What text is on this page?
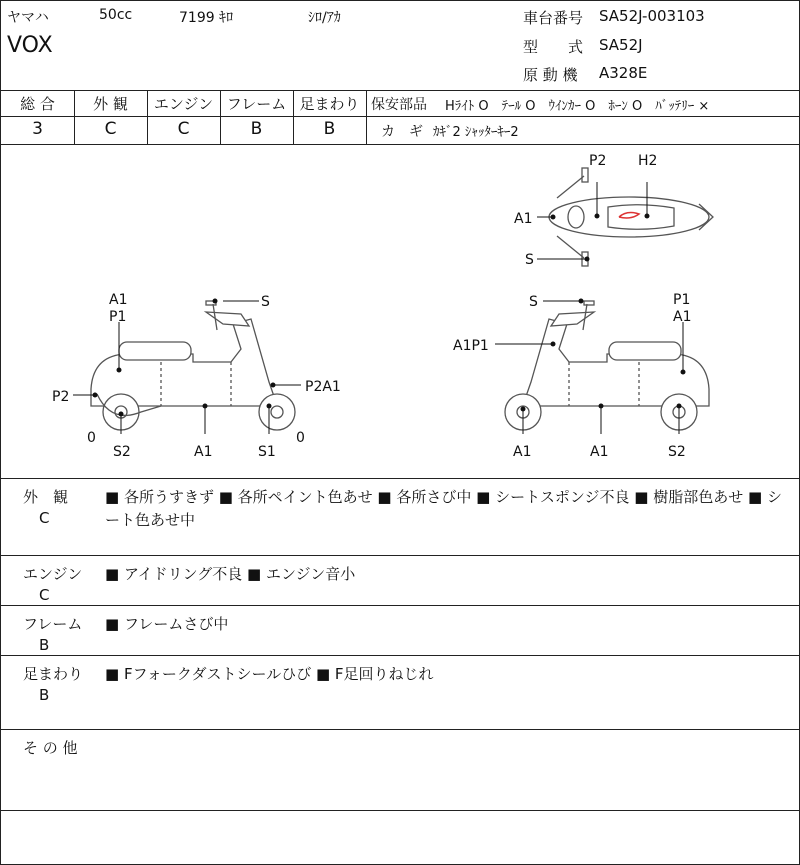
ヤマハ	50cc	7199 ｷﾛ	ｼﾛ/ｱｶ
VOX
車台番号 SA52J-003103
型　　式 SA52J
原 動 機 A328E
総 合	外 観	エンジン フレーム 足まわり
3	C	C	B	B
保安部品 Hﾗｲﾄ O　ﾃｰﾙ O　ｳｲﾝｶｰ O　ﾎｰﾝ O　ﾊﾞｯﾃﾘｰ ×
カ　ギ ｶｷﾞ2 ｼｬｯﾀｰｷｰ2
P2 H2
A1
S
A1
P1
S
P2
P2A1
0
S2	A1	S1
0
S	P1
A1
A1P1
A1	A1	S2
外　観
C
■ 各所うすきず ■ 各所ペイント色あせ ■ 各所さび中 ■ シートスポンジ不良 ■ 樹脂部色あせ ■ シート色あせ中
エンジン
C
■ アイドリング不良 ■ エンジン音小
フレーム
B
■ フレームさび中
足まわり
B
■ Fフォークダストシールひび ■ F足回りねじれ
そ の 他
